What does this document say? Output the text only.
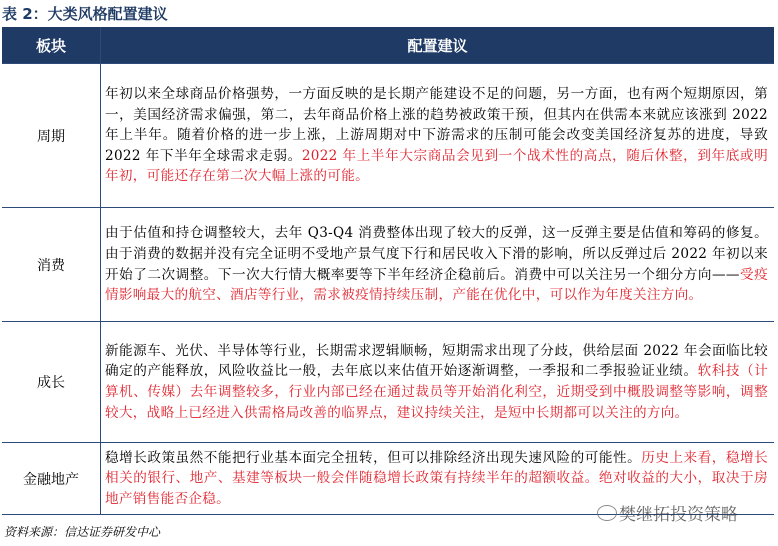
表 2：大类风格配置建议
板块	配置建议
周期	年初以来全球商品价格强势，一方面反映的是长期产能建设不足的问题，另一方面，也有两个短期原因，第一，美国经济需求偏强，第二，去年商品价格上涨的趋势被政策干预，但其内在供需本来就应该涨到 2022 年上半年。随着价格的进一步上涨，上游周期对中下游需求的压制可能会改变美国经济复苏的进度，导致 2022 年下半年全球需求走弱。2022 年上半年大宗商品会见到一个战术性的高点，随后休整，到年底或明年初，可能还存在第二次大幅上涨的可能。
消费	由于估值和持仓调整较大，去年 Q3-Q4 消费整体出现了较大的反弹，这一反弹主要是估值和筹码的修复。由于消费的数据并没有完全证明不受地产景气度下行和居民收入下滑的影响，所以反弹过后 2022 年初以来开始了二次调整。下一次大行情大概率要等下半年经济企稳前后。消费中可以关注另一个细分方向——受疫情影响最大的航空、酒店等行业，需求被疫情持续压制，产能在优化中，可以作为年度关注方向。
成长	新能源车、光伏、半导体等行业，长期需求逻辑顺畅，短期需求出现了分歧，供给层面 2022 年会面临比较确定的产能释放，风险收益比一般，去年底以来估值开始逐渐调整，一季报和二季报验证业绩。软科技（计算机、传媒）去年调整较多，行业内部已经在通过裁员等开始消化利空，近期受到中概股调整等影响，调整较大，战略上已经进入供需格局改善的临界点，建议持续关注，是短中长期都可以关注的方向。
金融地产	稳增长政策虽然不能把行业基本面完全扭转，但可以排除经济出现失速风险的可能性。历史上来看，稳增长相关的银行、地产、基建等板块一般会伴随稳增长政策有持续半年的超额收益。绝对收益的大小，取决于房地产销售能否企稳。
资料来源：信达证券研发中心
樊继拓投资策略
